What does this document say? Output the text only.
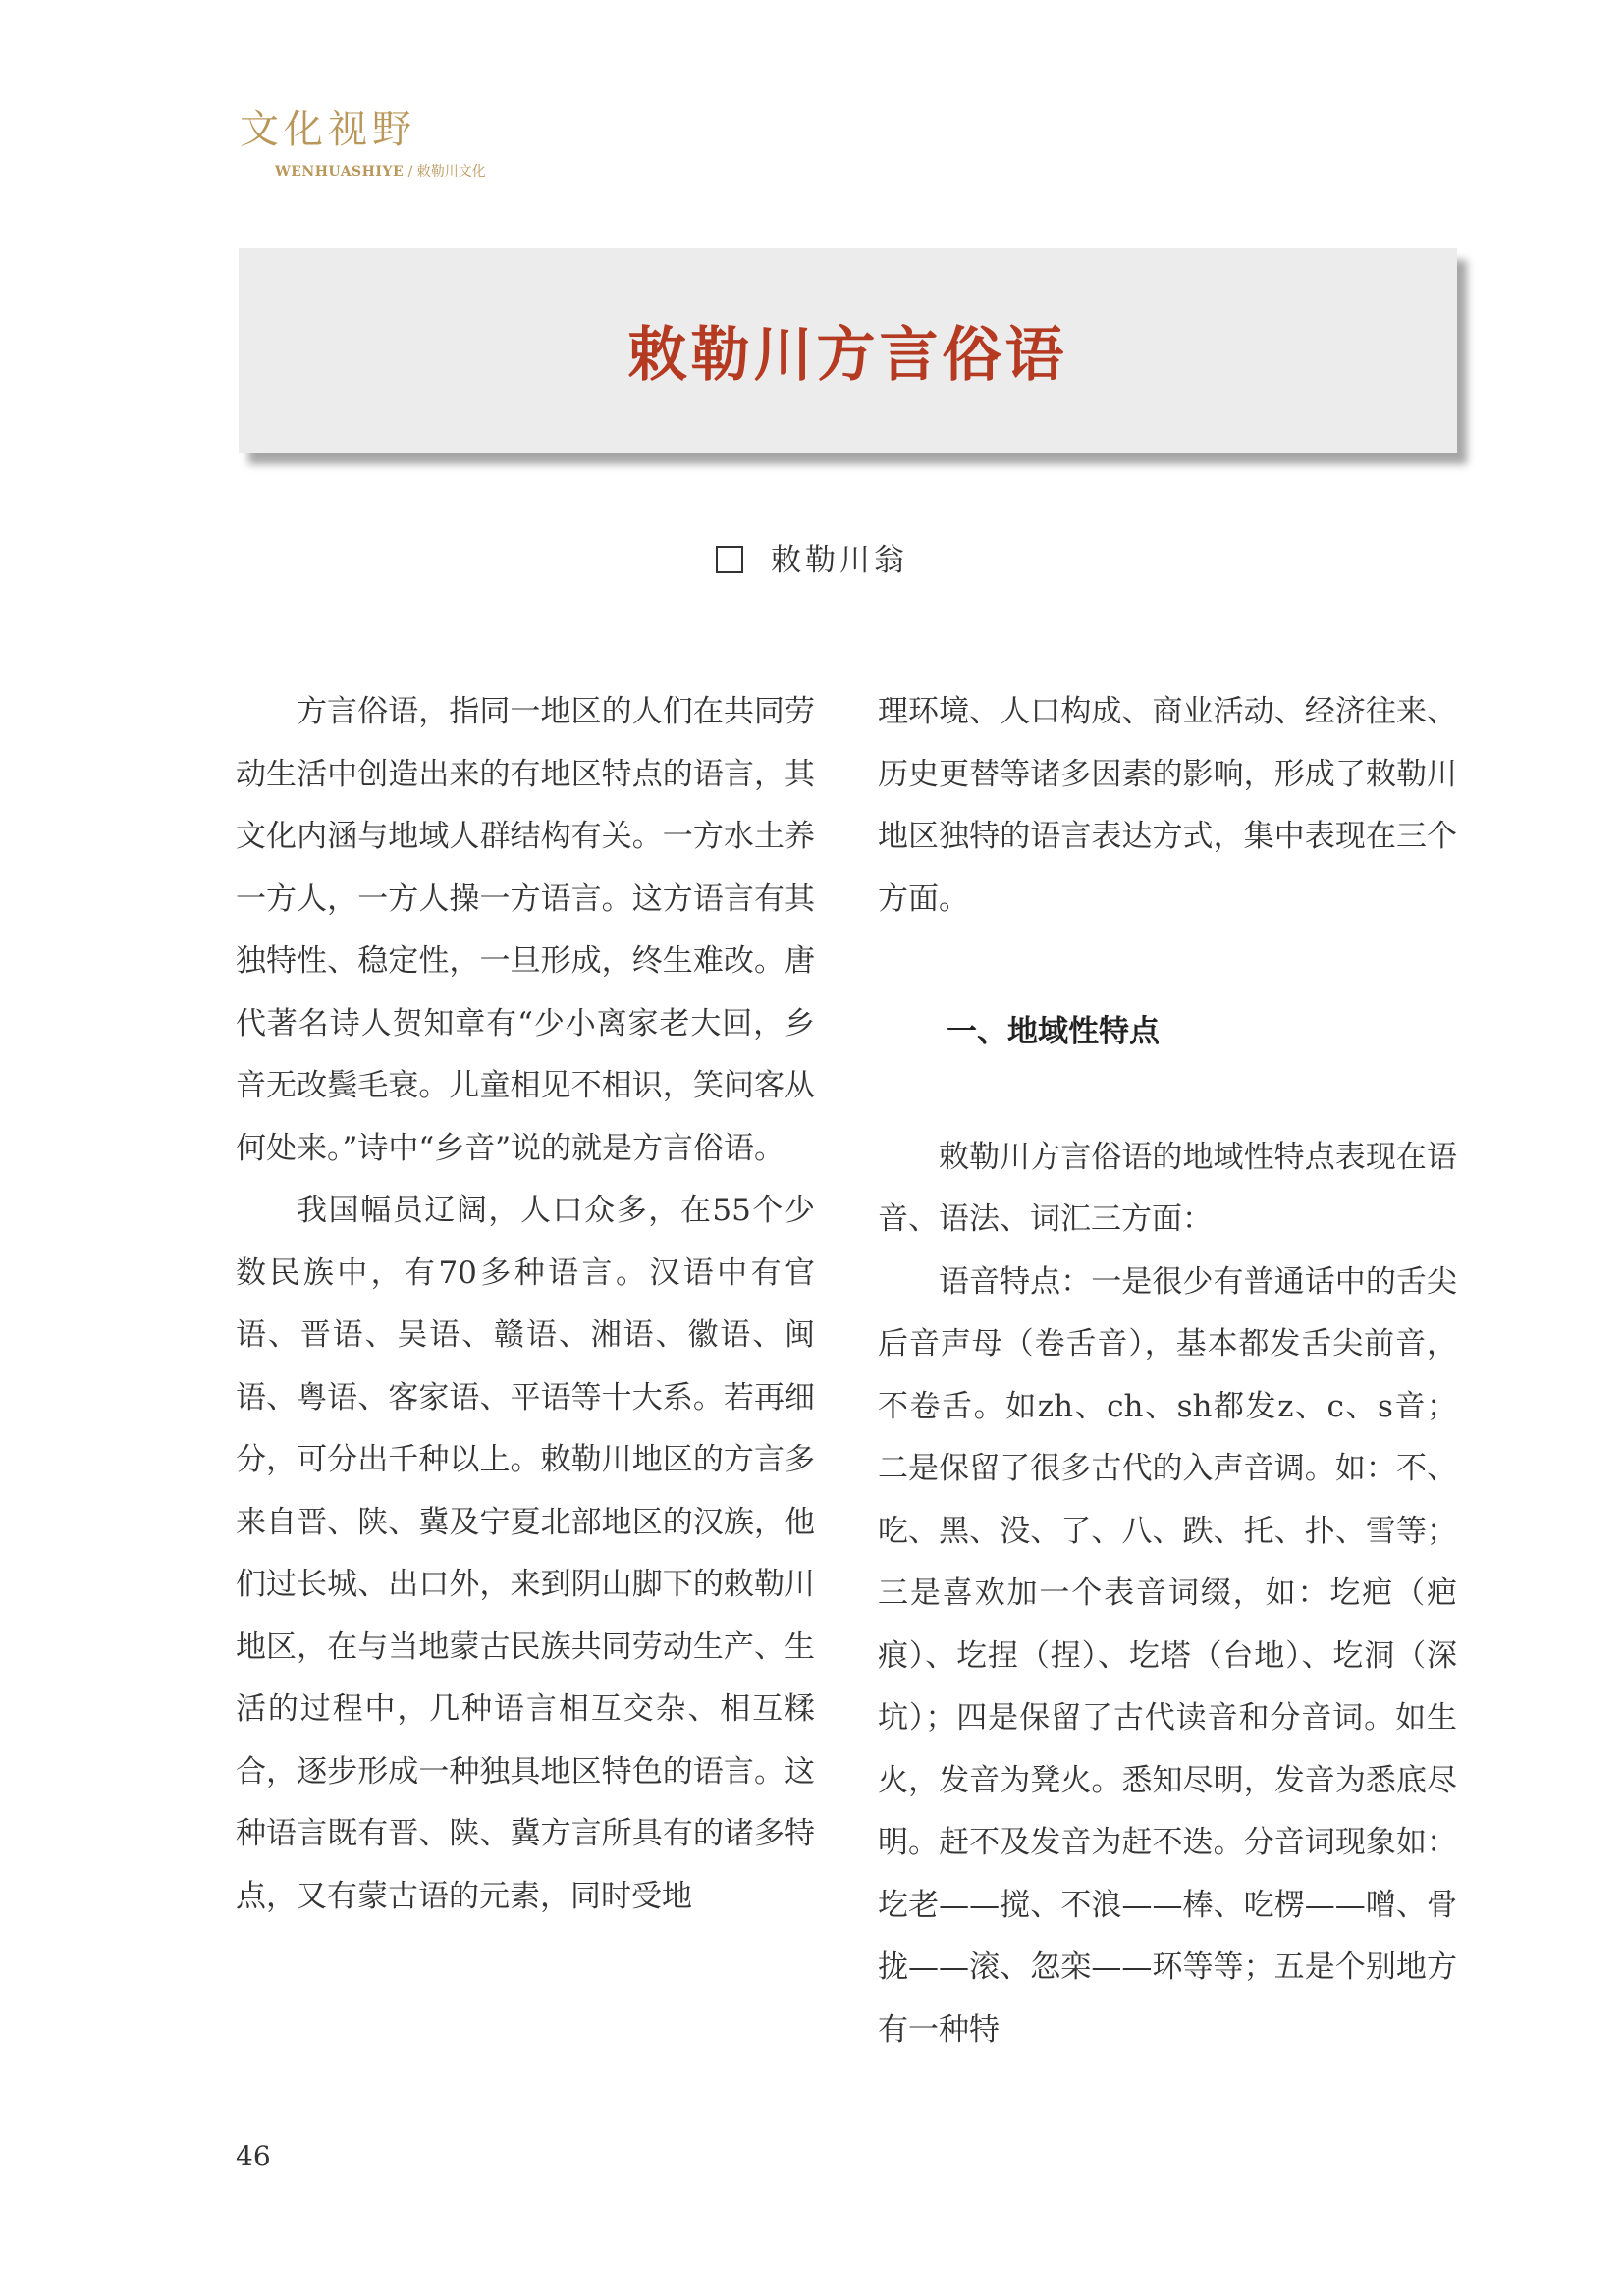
文化视野
WENHUASHIYE / 敕勒川文化
敕勒川方言俗语
敕勒川翁

方言俗语，指同一地区的人们在共同劳动生活中创造出来的有地区特点的语言，其文化内涵与地域人群结构有关。一方水土养一方人，一方人操一方语言。这方语言有其独特性、稳定性，一旦形成，终生难改。唐代著名诗人贺知章有“少小离家老大回，乡音无改鬓毛衰。儿童相见不相识，笑问客从何处来。”诗中“乡音”说的就是方言俗语。

我国幅员辽阔，人口众多，在55个少数民族中，有70多种语言。汉语中有官语、晋语、吴语、赣语、湘语、徽语、闽语、粤语、客家语、平语等十大系。若再细分，可分出千种以上。敕勒川地区的方言多来自晋、陕、冀及宁夏北部地区的汉族，他们过长城、出口外，来到阴山脚下的敕勒川地区，在与当地蒙古民族共同劳动生产、生活的过程中，几种语言相互交杂、相互糅合，逐步形成一种独具地区特色的语言。这种语言既有晋、陕、冀方言所具有的诸多特点，又有蒙古语的元素，同时受地

理环境、人口构成、商业活动、经济往来、历史更替等诸多因素的影响，形成了敕勒川地区独特的语言表达方式，集中表现在三个方面。

一、地域性特点

敕勒川方言俗语的地域性特点表现在语音、语法、词汇三方面：

语音特点：一是很少有普通话中的舌尖后音声母（卷舌音），基本都发舌尖前音，不卷舌。如zh、ch、sh都发z、c、s音；二是保留了很多古代的入声音调。如：不、吃、黑、没、了、八、跌、托、扑、雪等；三是喜欢加一个表音词缀，如：圪疤（疤痕）、圪捏（捏）、圪塔（台地）、圪洞（深坑）；四是保留了古代读音和分音词。如生火，发音为凳火。悉知尽明，发音为悉底尽明。赶不及发音为赶不迭。分音词现象如：圪老——搅、不浪——棒、吃楞——噌、骨拢——滚、忽栾——环等等；五是个别地方有一种特

46
